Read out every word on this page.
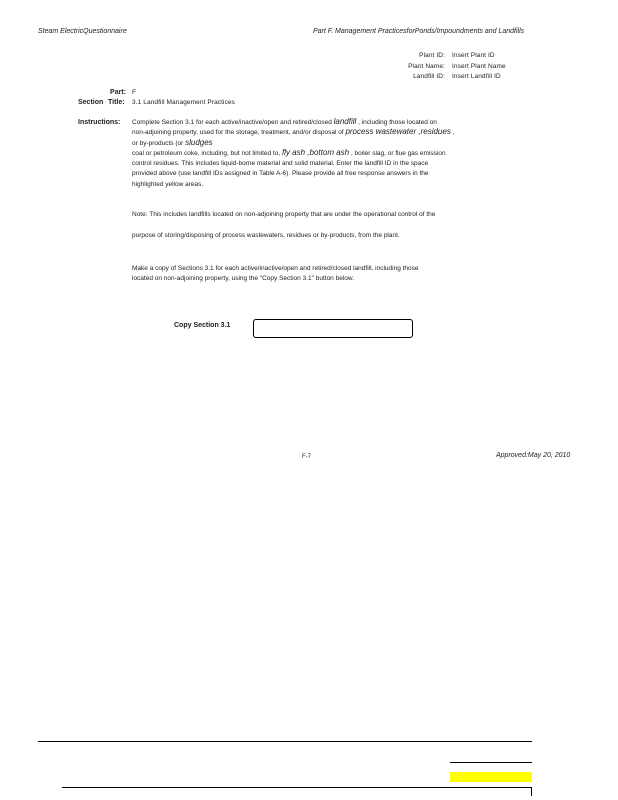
Steam ElectricQuestionnaire	Part F. Management PracticesforPonds/Impoundments and Landfills
Plant ID: Insert Plant ID
Plant Name: Insert Plant Name
Landfill ID: Insert Landfill ID
Part: F
Section Title: 3.1 Landfill Management Practices
Instructions:	Complete Section 3.1 for each active/inactive/open and retired/closed landfill , including those located on
non-adjoining property, used for the storage, treatment, and/or disposal of process wastewater ,residues ,
or by-products (or sludges
coal or petroleum coke, including, but not limited to, fly ash ,bottom ash , boiler slag, or flue gas emission
control residues. This includes liquid-borne material and solid material. Enter the landfill ID in the space
provided above (use landfill IDs assigned in Table A-6). Please provide all free response answers in the
highlighted yellow areas.
Note: This includes landfills located on non-adjoining property that are under the operational control of the
purpose of storing/disposing of process wastewaters, residues or by-products, from the plant.
Make a copy of Sections 3.1 for each active/inactive/open and retired/closed landfill, including those
located on non-adjoining property, using the "Copy Section 3.1" button below.
Copy Section 3.1
F-7	Approved:May 20, 2010
